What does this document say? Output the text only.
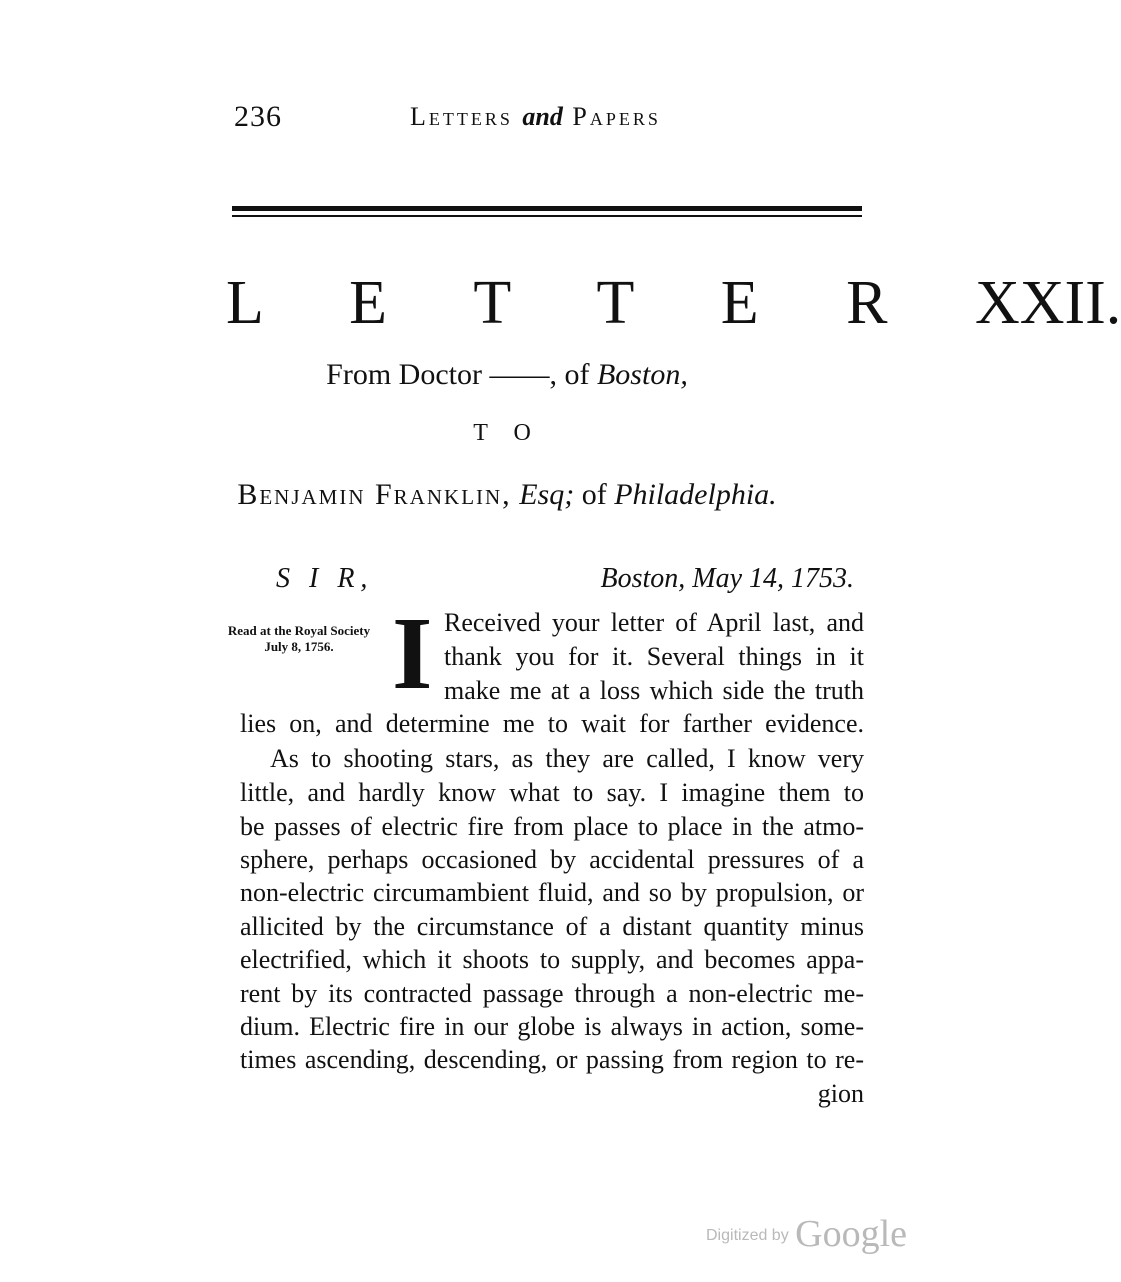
236	Letters and Papers
L E T T E R XXII.
From Doctor ——, of Boston,
T O
Benjamin Franklin, Esq; of Philadelphia.
S I R,	Boston, May 14, 1753.
Read at the Royal Society July 8, 1756. I Received your letter of April last, and
thank you for it. Several things in it
make me at a loss which side the truth
lies on, and determine me to wait for farther evidence.
As to shooting stars, as they are called, I know very
little, and hardly know what to say. I imagine them to
be passes of electric fire from place to place in the atmo-
sphere, perhaps occasioned by accidental pressures of a
non-electric circumambient fluid, and so by propulsion, or
allicited by the circumstance of a distant quantity minus
electrified, which it shoots to supply, and becomes appa-
rent by its contracted passage through a non-electric me-
dium. Electric fire in our globe is always in action, some-
times ascending, descending, or passing from region to re-
gion
Digitized by Google
